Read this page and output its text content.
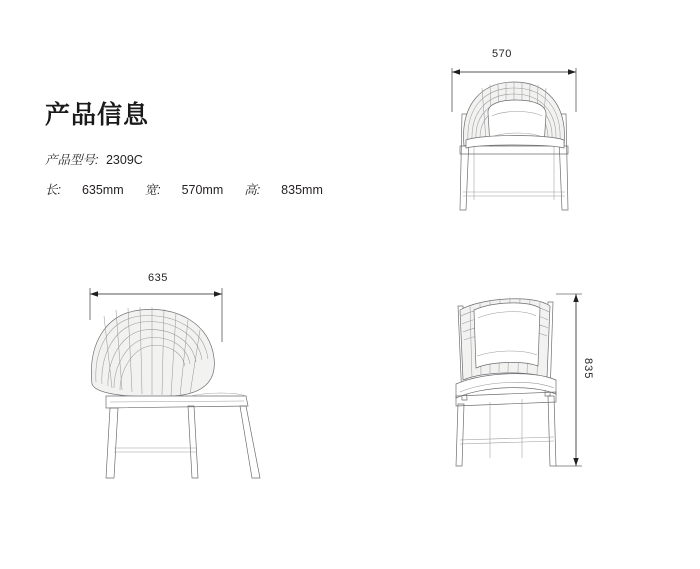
产品信息
产品型号: 2309C
长: 635mm 宽: 570mm 高: 835mm
570
635
835
